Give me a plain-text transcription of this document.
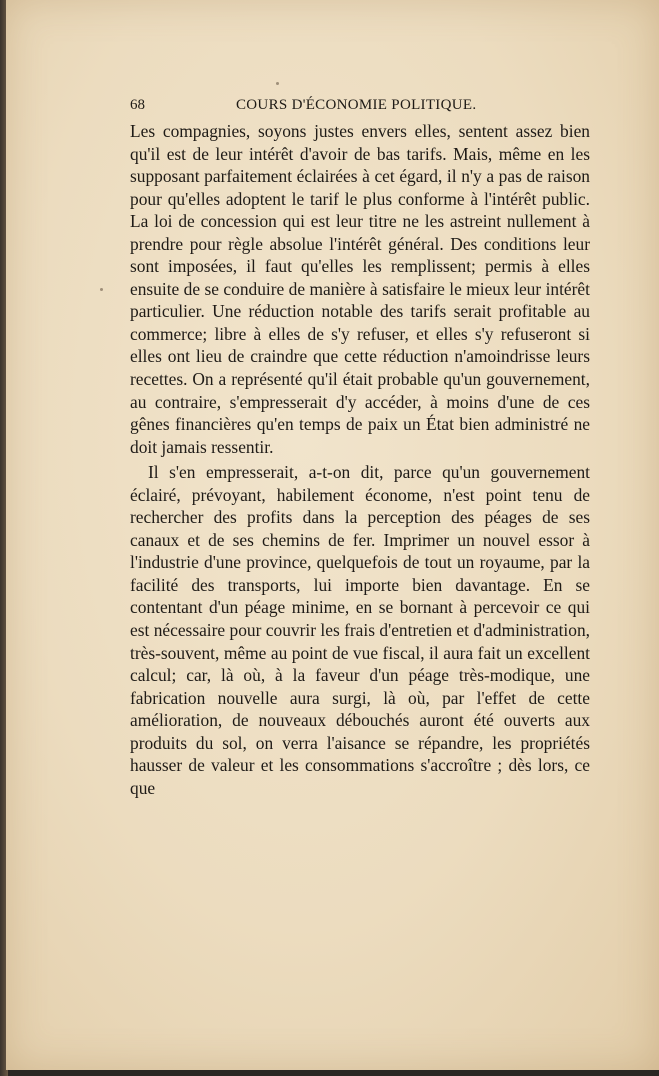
68	COURS D'ÉCONOMIE POLITIQUE.

Les compagnies, soyons justes envers elles, sentent assez bien qu'il est de leur intérêt d'avoir de bas tarifs. Mais, même en les supposant parfaitement éclairées à cet égard, il n'y a pas de raison pour qu'elles adoptent le tarif le plus conforme à l'intérêt public. La loi de concession qui est leur titre ne les astreint nullement à prendre pour règle absolue l'intérêt général. Des conditions leur sont imposées, il faut qu'elles les remplissent; permis à elles ensuite de se conduire de manière à satisfaire le mieux leur intérêt particulier. Une réduction notable des tarifs serait profitable au commerce; libre à elles de s'y refuser, et elles s'y refuseront si elles ont lieu de craindre que cette réduction n'amoindrisse leurs recettes. On a représenté qu'il était probable qu'un gouvernement, au contraire, s'empresserait d'y accéder, à moins d'une de ces gênes financières qu'en temps de paix un État bien administré ne doit jamais ressentir.

Il s'en empresserait, a-t-on dit, parce qu'un gouvernement éclairé, prévoyant, habilement économe, n'est point tenu de rechercher des profits dans la perception des péages de ses canaux et de ses chemins de fer. Imprimer un nouvel essor à l'industrie d'une province, quelquefois de tout un royaume, par la facilité des transports, lui importe bien davantage. En se contentant d'un péage minime, en se bornant à percevoir ce qui est nécessaire pour couvrir les frais d'entretien et d'administration, très-souvent, même au point de vue fiscal, il aura fait un excellent calcul; car, là où, à la faveur d'un péage très-modique, une fabrication nouvelle aura surgi, là où, par l'effet de cette amélioration, de nouveaux débouchés auront été ouverts aux produits du sol, on verra l'aisance se répandre, les propriétés hausser de valeur et les consommations s'accroître ; dès lors, ce que
